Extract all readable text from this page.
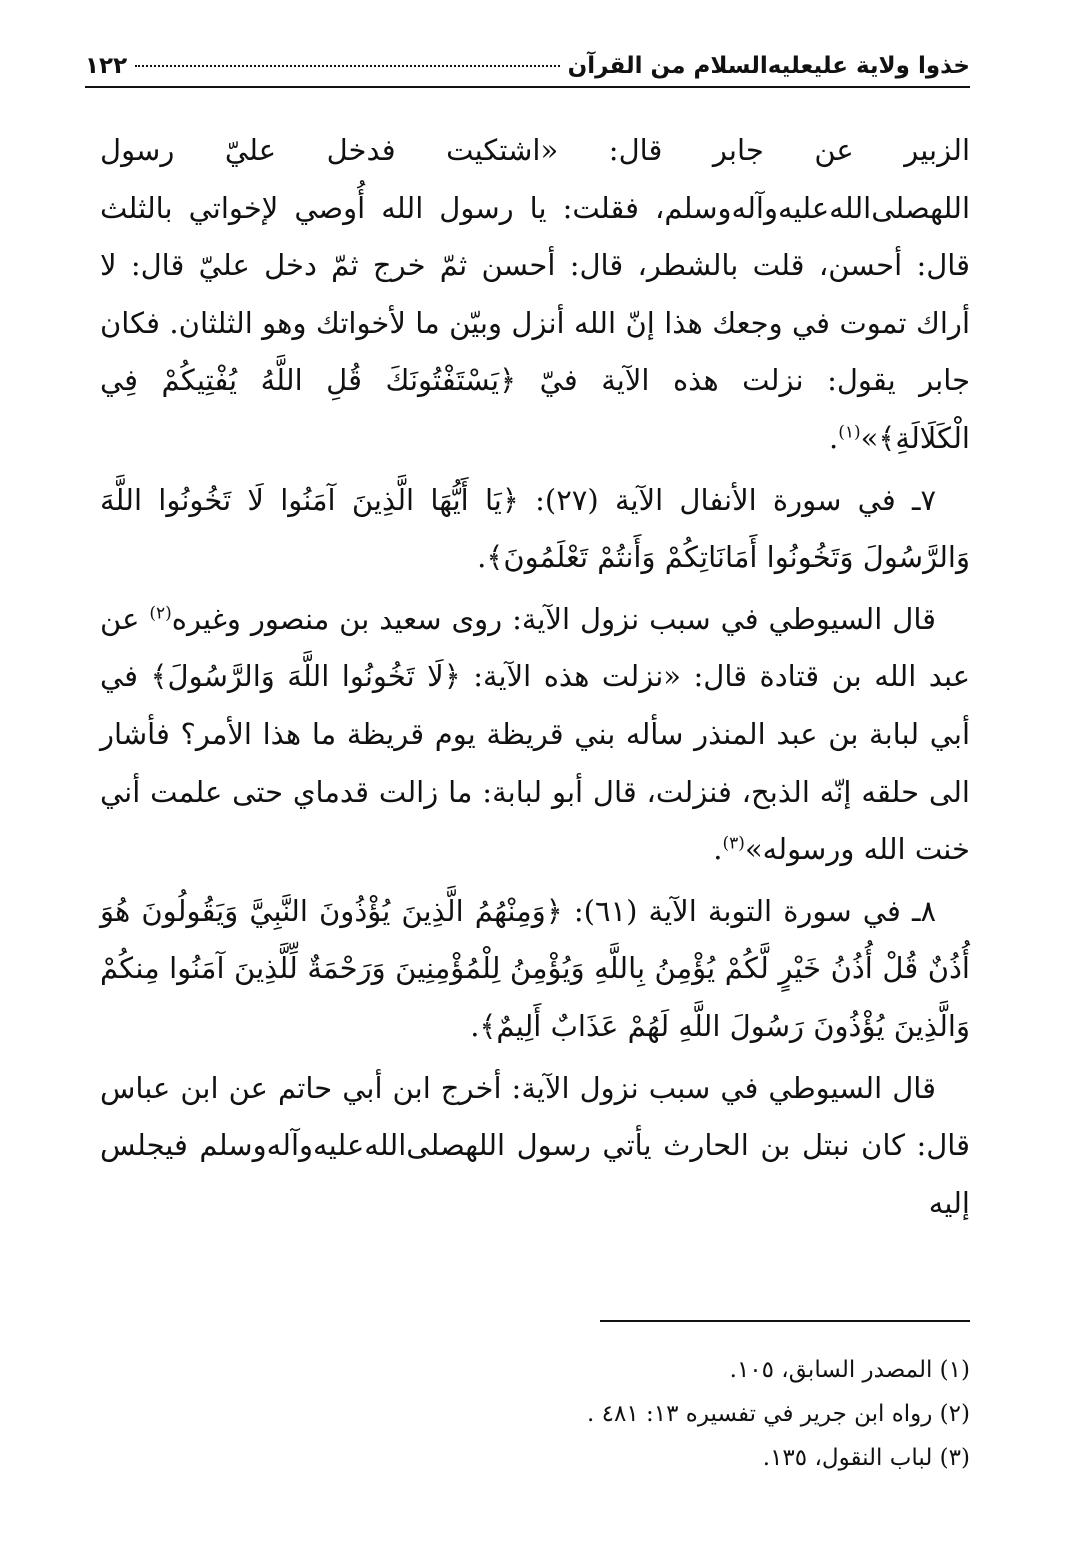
خذوا ولاية عليعليه‌السلام من القرآن
١٢٢

الزبير عن جابر قال: «اشتكيت فدخل عليّ رسول اللهصلى‌الله‌عليه‌وآله‌وسلم، فقلت: يا رسول الله أُوصي لإخواتي بالثلث قال: أحسن، قلت بالشطر، قال: أحسن ثمّ خرج ثمّ دخل عليّ قال: لا أراك تموت في وجعك هذا إنّ الله أنزل وبيّن ما لأخواتك وهو الثلثان. فكان جابر يقول: نزلت هذه الآية فيّ ﴿يَسْتَفْتُونَكَ قُلِ اللَّهُ يُفْتِيكُمْ فِي الْكَلَالَةِ﴾»$^{(١)}$.

٧ـ في سورة الأنفال الآية (٢٧): ﴿يَا أَيُّهَا الَّذِينَ آمَنُوا لَا تَخُونُوا اللَّهَ وَالرَّسُولَ وَتَخُونُوا أَمَانَاتِكُمْ وَأَنتُمْ تَعْلَمُونَ﴾.

قال السيوطي في سبب نزول الآية: روى سعيد بن منصور وغيره$^{(٢)}$ عن عبد الله بن قتادة قال: «نزلت هذه الآية: ﴿لَا تَخُونُوا اللَّهَ وَالرَّسُولَ﴾ في أبي لبابة بن عبد المنذر سأله بني قريظة يوم قريظة ما هذا الأمر؟ فأشار الى حلقه إنّه الذبح، فنزلت، قال أبو لبابة: ما زالت قدماي حتى علمت أني خنت الله ورسوله»$^{(٣)}$.

٨ـ في سورة التوبة الآية (٦١): ﴿وَمِنْهُمُ الَّذِينَ يُؤْذُونَ النَّبِيَّ وَيَقُولُونَ هُوَ أُذُنٌ قُلْ أُذُنُ خَيْرٍ لَّكُمْ يُؤْمِنُ بِاللَّهِ وَيُؤْمِنُ لِلْمُؤْمِنِينَ وَرَحْمَةٌ لِّلَّذِينَ آمَنُوا مِنكُمْ وَالَّذِينَ يُؤْذُونَ رَسُولَ اللَّهِ لَهُمْ عَذَابٌ أَلِيمٌ﴾.

قال السيوطي في سبب نزول الآية: أخرج ابن أبي حاتم عن ابن عباس قال: كان نبتل بن الحارث يأتي رسول اللهصلى‌الله‌عليه‌وآله‌وسلم فيجلس إليه

(١) المصدر السابق، ١٠٥.
(٢) رواه ابن جرير في تفسيره ١٣: ٤٨١ .
(٣) لباب النقول، ١٣٥.
